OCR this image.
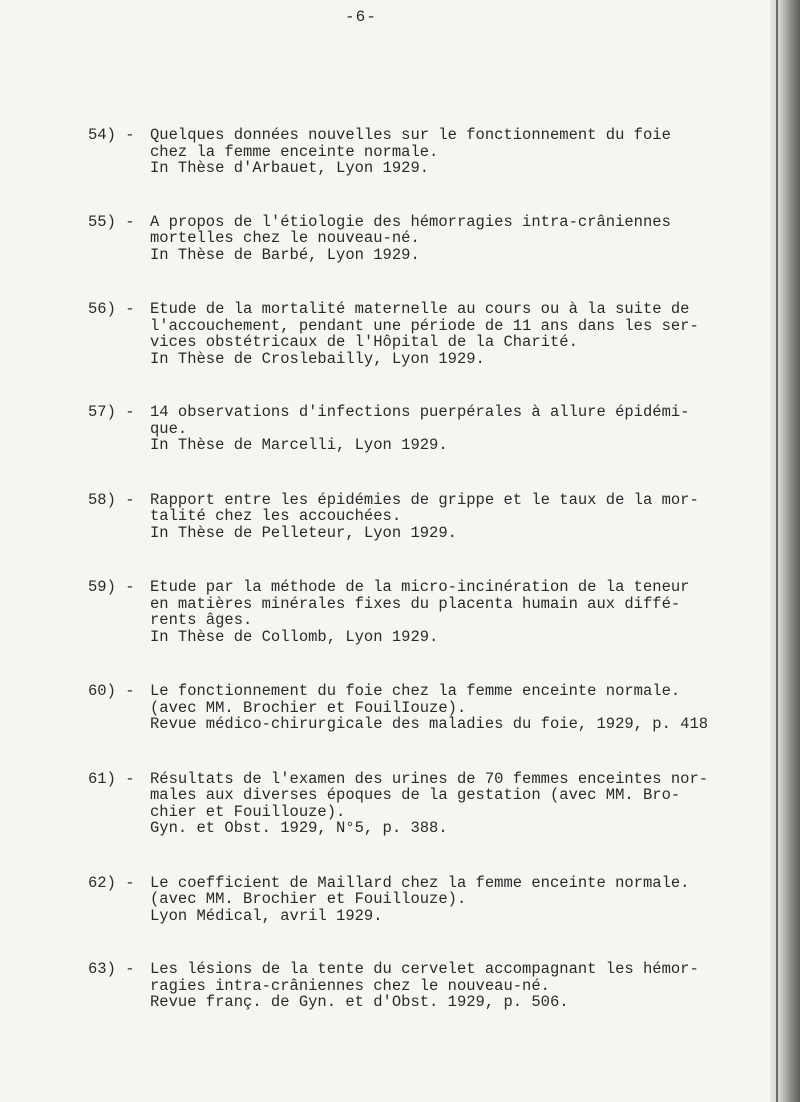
-6-
54) - Quelques données nouvelles sur le fonctionnement du foie
chez la femme enceinte normale.
In Thèse d'Arbauet, Lyon 1929.
55) - A propos de l'étiologie des hémorragies intra-crâniennes
mortelles chez le nouveau-né.
In Thèse de Barbé, Lyon 1929.
56) - Etude de la mortalité maternelle au cours ou à la suite de
l'accouchement, pendant une période de 11 ans dans les ser-
vices obstétricaux de l'Hôpital de la Charité.
In Thèse de Croslebailly, Lyon 1929.
57) - 14 observations d'infections puerpérales à allure épidémi-
que.
In Thèse de Marcelli, Lyon 1929.
58) - Rapport entre les épidémies de grippe et le taux de la mor-
talité chez les accouchées.
In Thèse de Pelleteur, Lyon 1929.
59) - Etude par la méthode de la micro-incinération de la teneur
en matières minérales fixes du placenta humain aux diffé-
rents âges.
In Thèse de Collomb, Lyon 1929.
60) - Le fonctionnement du foie chez la femme enceinte normale.
(avec MM. Brochier et FouilIouze).
Revue médico-chirurgicale des maladies du foie, 1929, p. 418
61) - Résultats de l'examen des urines de 70 femmes enceintes nor-
males aux diverses époques de la gestation (avec MM. Bro-
chier et Fouillouze).
Gyn. et Obst. 1929, N°5, p. 388.
62) - Le coefficient de Maillard chez la femme enceinte normale.
(avec MM. Brochier et Fouillouze).
Lyon Médical, avril 1929.
63) - Les lésions de la tente du cervelet accompagnant les hémor-
ragies intra-crâniennes chez le nouveau-né.
Revue franç. de Gyn. et d'Obst. 1929, p. 506.
